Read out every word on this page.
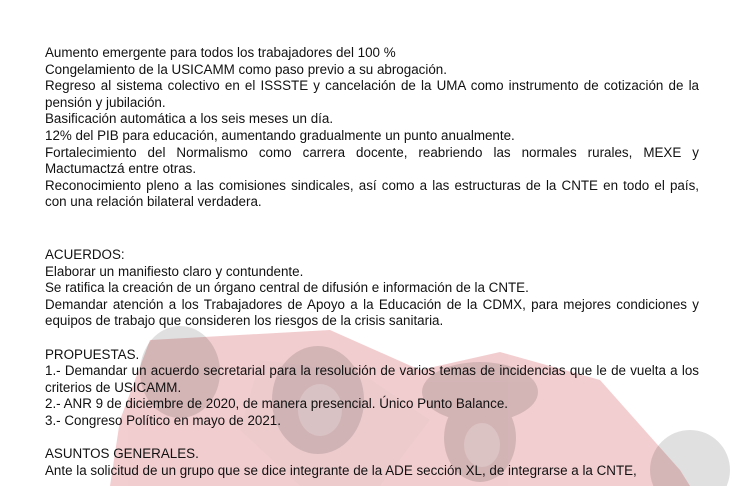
Aumento emergente para todos los trabajadores del 100 %

Congelamiento de la USICAMM como paso previo a su abrogación.

Regreso al sistema colectivo en el ISSSTE y cancelación de la UMA como instrumento de cotización de la pensión y jubilación.

Basificación automática a los seis meses un día.

12% del PIB para educación, aumentando gradualmente un punto anualmente.

Fortalecimiento del Normalismo como carrera docente, reabriendo las normales rurales, MEXE y Mactumactzá entre otras.

Reconocimiento pleno a las comisiones sindicales, así como a las estructuras de la CNTE en todo el país, con una relación bilateral verdadera.

ACUERDOS:

Elaborar un manifiesto claro y contundente.

Se ratifica la creación de un órgano central de difusión e información de la CNTE.

Demandar atención a los Trabajadores de Apoyo a la Educación de la CDMX, para mejores condiciones y equipos de trabajo que consideren los riesgos de la crisis sanitaria.

PROPUESTAS.

1.- Demandar un acuerdo secretarial para la resolución de varios temas de incidencias que le de vuelta a los criterios de USICAMM.

2.- ANR 9 de diciembre de 2020, de manera presencial. Único Punto Balance.

3.- Congreso Político en mayo de 2021.

ASUNTOS GENERALES.

Ante la solicitud de un grupo que se dice integrante de la ADE sección XL, de integrarse a la CNTE,
